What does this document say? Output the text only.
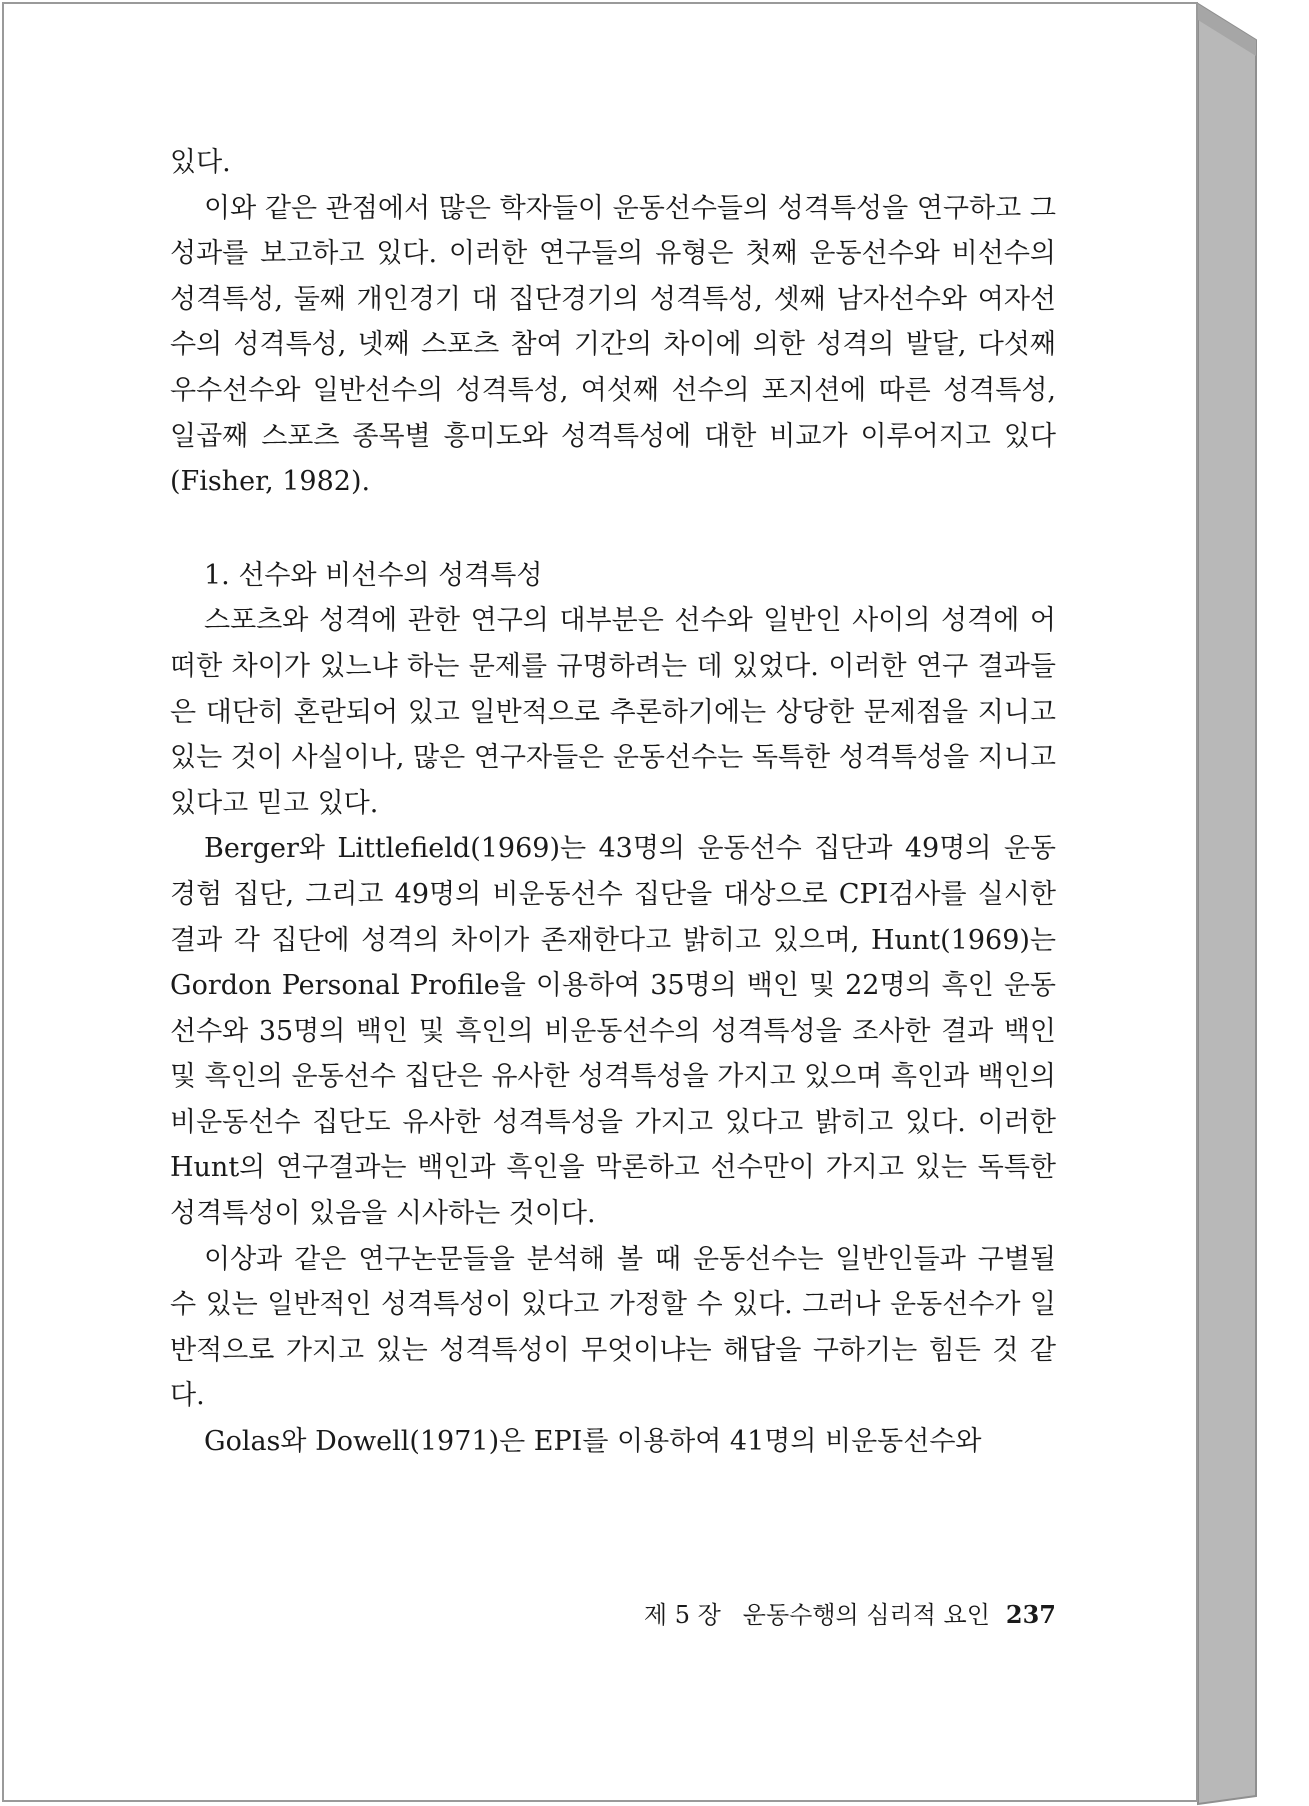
있다.

이와 같은 관점에서 많은 학자들이 운동선수들의 성격특성을 연구하고 그 성과를 보고하고 있다. 이러한 연구들의 유형은 첫째 운동선수와 비선수의 성격특성, 둘째 개인경기 대 집단경기의 성격특성, 셋째 남자선수와 여자선수의 성격특성, 넷째 스포츠 참여 기간의 차이에 의한 성격의 발달, 다섯째 우수선수와 일반선수의 성격특성, 여섯째 선수의 포지션에 따른 성격특성, 일곱째 스포츠 종목별 흥미도와 성격특성에 대한 비교가 이루어지고 있다(Fisher, 1982).

1. 선수와 비선수의 성격특성

스포츠와 성격에 관한 연구의 대부분은 선수와 일반인 사이의 성격에 어떠한 차이가 있느냐 하는 문제를 규명하려는 데 있었다. 이러한 연구 결과들은 대단히 혼란되어 있고 일반적으로 추론하기에는 상당한 문제점을 지니고 있는 것이 사실이나, 많은 연구자들은 운동선수는 독특한 성격특성을 지니고 있다고 믿고 있다.

Berger와 Littlefield(1969)는 43명의 운동선수 집단과 49명의 운동경험 집단, 그리고 49명의 비운동선수 집단을 대상으로 CPI검사를 실시한 결과 각 집단에 성격의 차이가 존재한다고 밝히고 있으며, Hunt(1969)는 Gordon Personal Profile을 이용하여 35명의 백인 및 22명의 흑인 운동선수와 35명의 백인 및 흑인의 비운동선수의 성격특성을 조사한 결과 백인 및 흑인의 운동선수 집단은 유사한 성격특성을 가지고 있으며 흑인과 백인의 비운동선수 집단도 유사한 성격특성을 가지고 있다고 밝히고 있다. 이러한 Hunt의 연구결과는 백인과 흑인을 막론하고 선수만이 가지고 있는 독특한 성격특성이 있음을 시사하는 것이다.

이상과 같은 연구논문들을 분석해 볼 때 운동선수는 일반인들과 구별될 수 있는 일반적인 성격특성이 있다고 가정할 수 있다. 그러나 운동선수가 일반적으로 가지고 있는 성격특성이 무엇이냐는 해답을 구하기는 힘든 것 같다.

Golas와 Dowell(1971)은 EPI를 이용하여 41명의 비운동선수와

제 5 장 운동수행의 심리적 요인 237
